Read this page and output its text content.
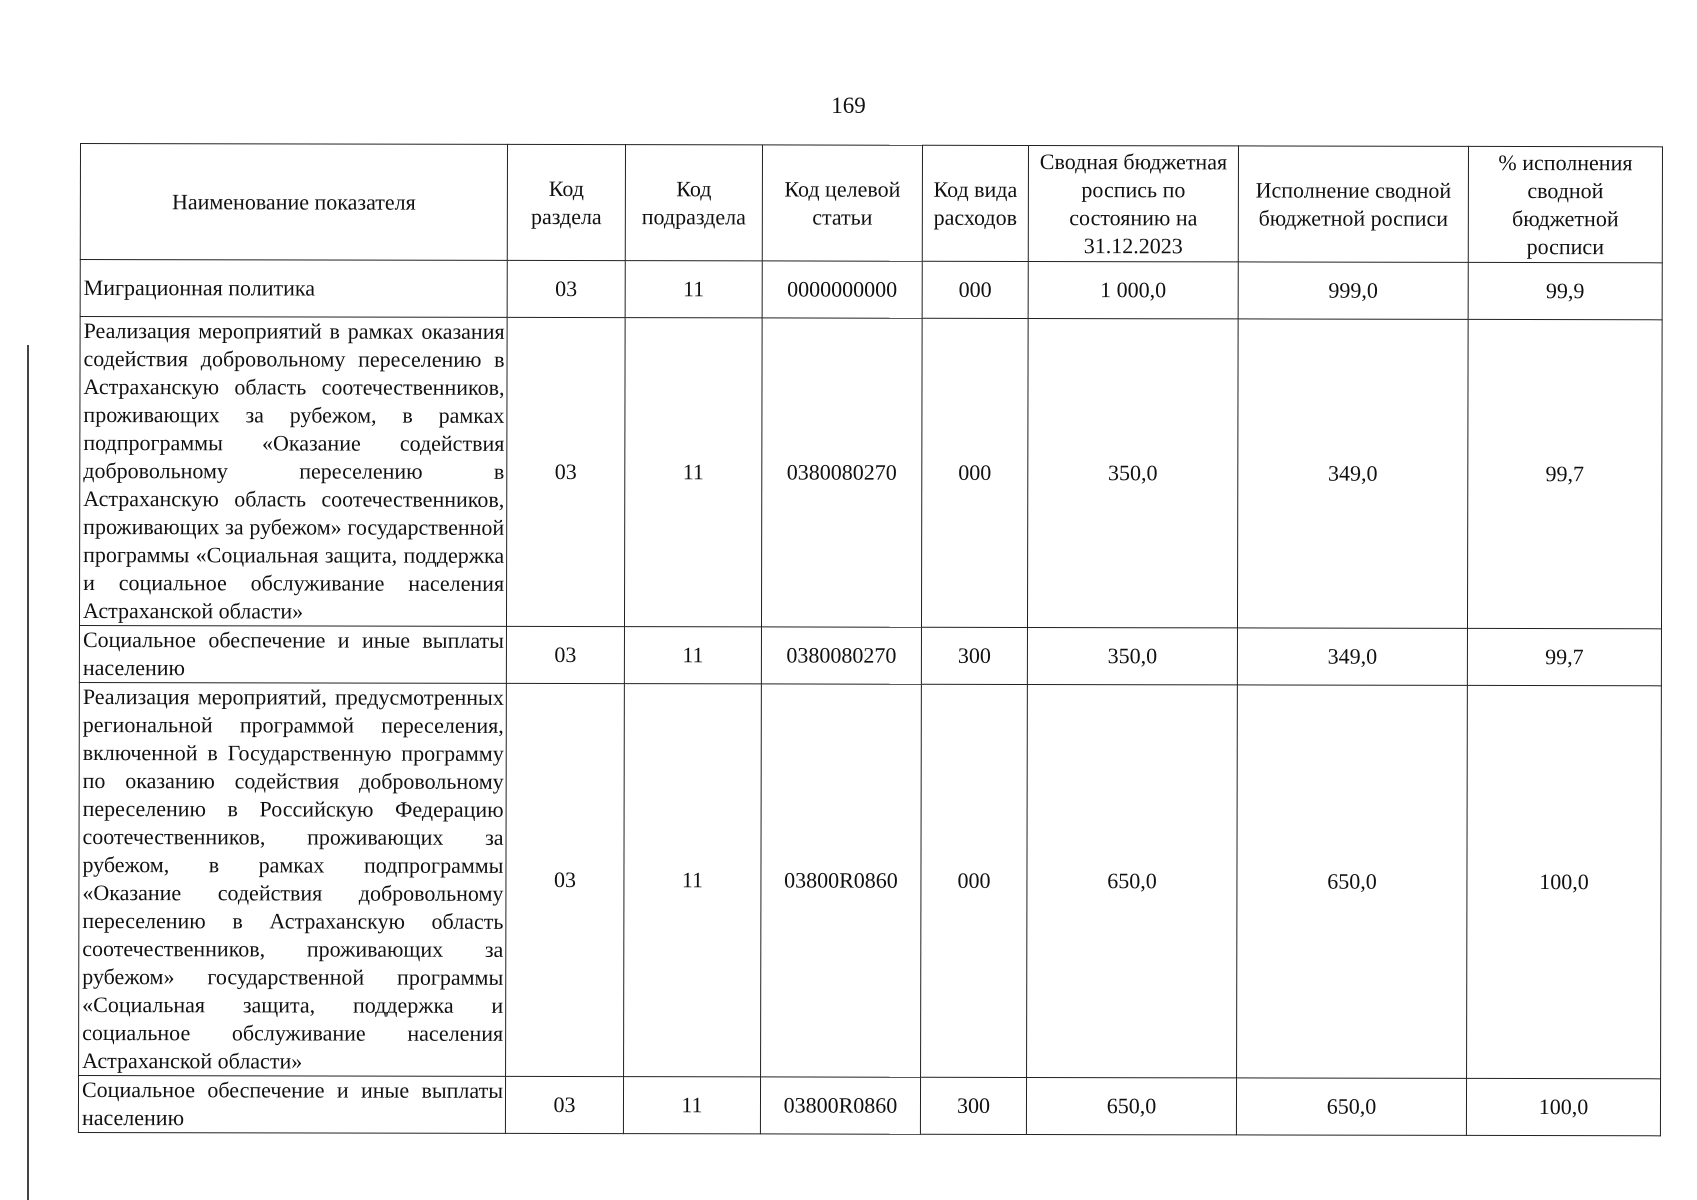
169
Наименование показателя	Код раздела	Код подраздела	Код целевой статьи	Код вида расходов	Сводная бюджетная роспись по состоянию на 31.12.2023	Исполнение сводной бюджетной росписи	% исполнения сводной бюджетной росписи
Миграционная политика	03	11	0000000000	000	1 000,0	999,0	99,9
Реализация мероприятий в рамках оказания содействия добровольному переселению в Астраханскую область соотечественников, проживающих за рубежом, в рамках подпрограммы «Оказание содействия добровольному переселению в Астраханскую область соотечественников, проживающих за рубежом» государственной программы «Социальная защита, поддержка и социальное обслуживание населения Астраханской области»	03	11	0380080270	000	350,0	349,0	99,7
Социальное обеспечение и иные выплаты населению	03	11	0380080270	300	350,0	349,0	99,7
Реализация мероприятий, предусмотренных региональной программой переселения, включенной в Государственную программу по оказанию содействия добровольному переселению в Российскую Федерацию соотечественников, проживающих за рубежом, в рамках подпрограммы «Оказание содействия добровольному переселению в Астраханскую область соотечественников, проживающих за рубежом» государственной программы «Социальная защита, поддержка и социальное обслуживание населения Астраханской области»	03	11	03800R0860	000	650,0	650,0	100,0
Социальное обеспечение и иные выплаты населению	03	11	03800R0860	300	650,0	650,0	100,0
